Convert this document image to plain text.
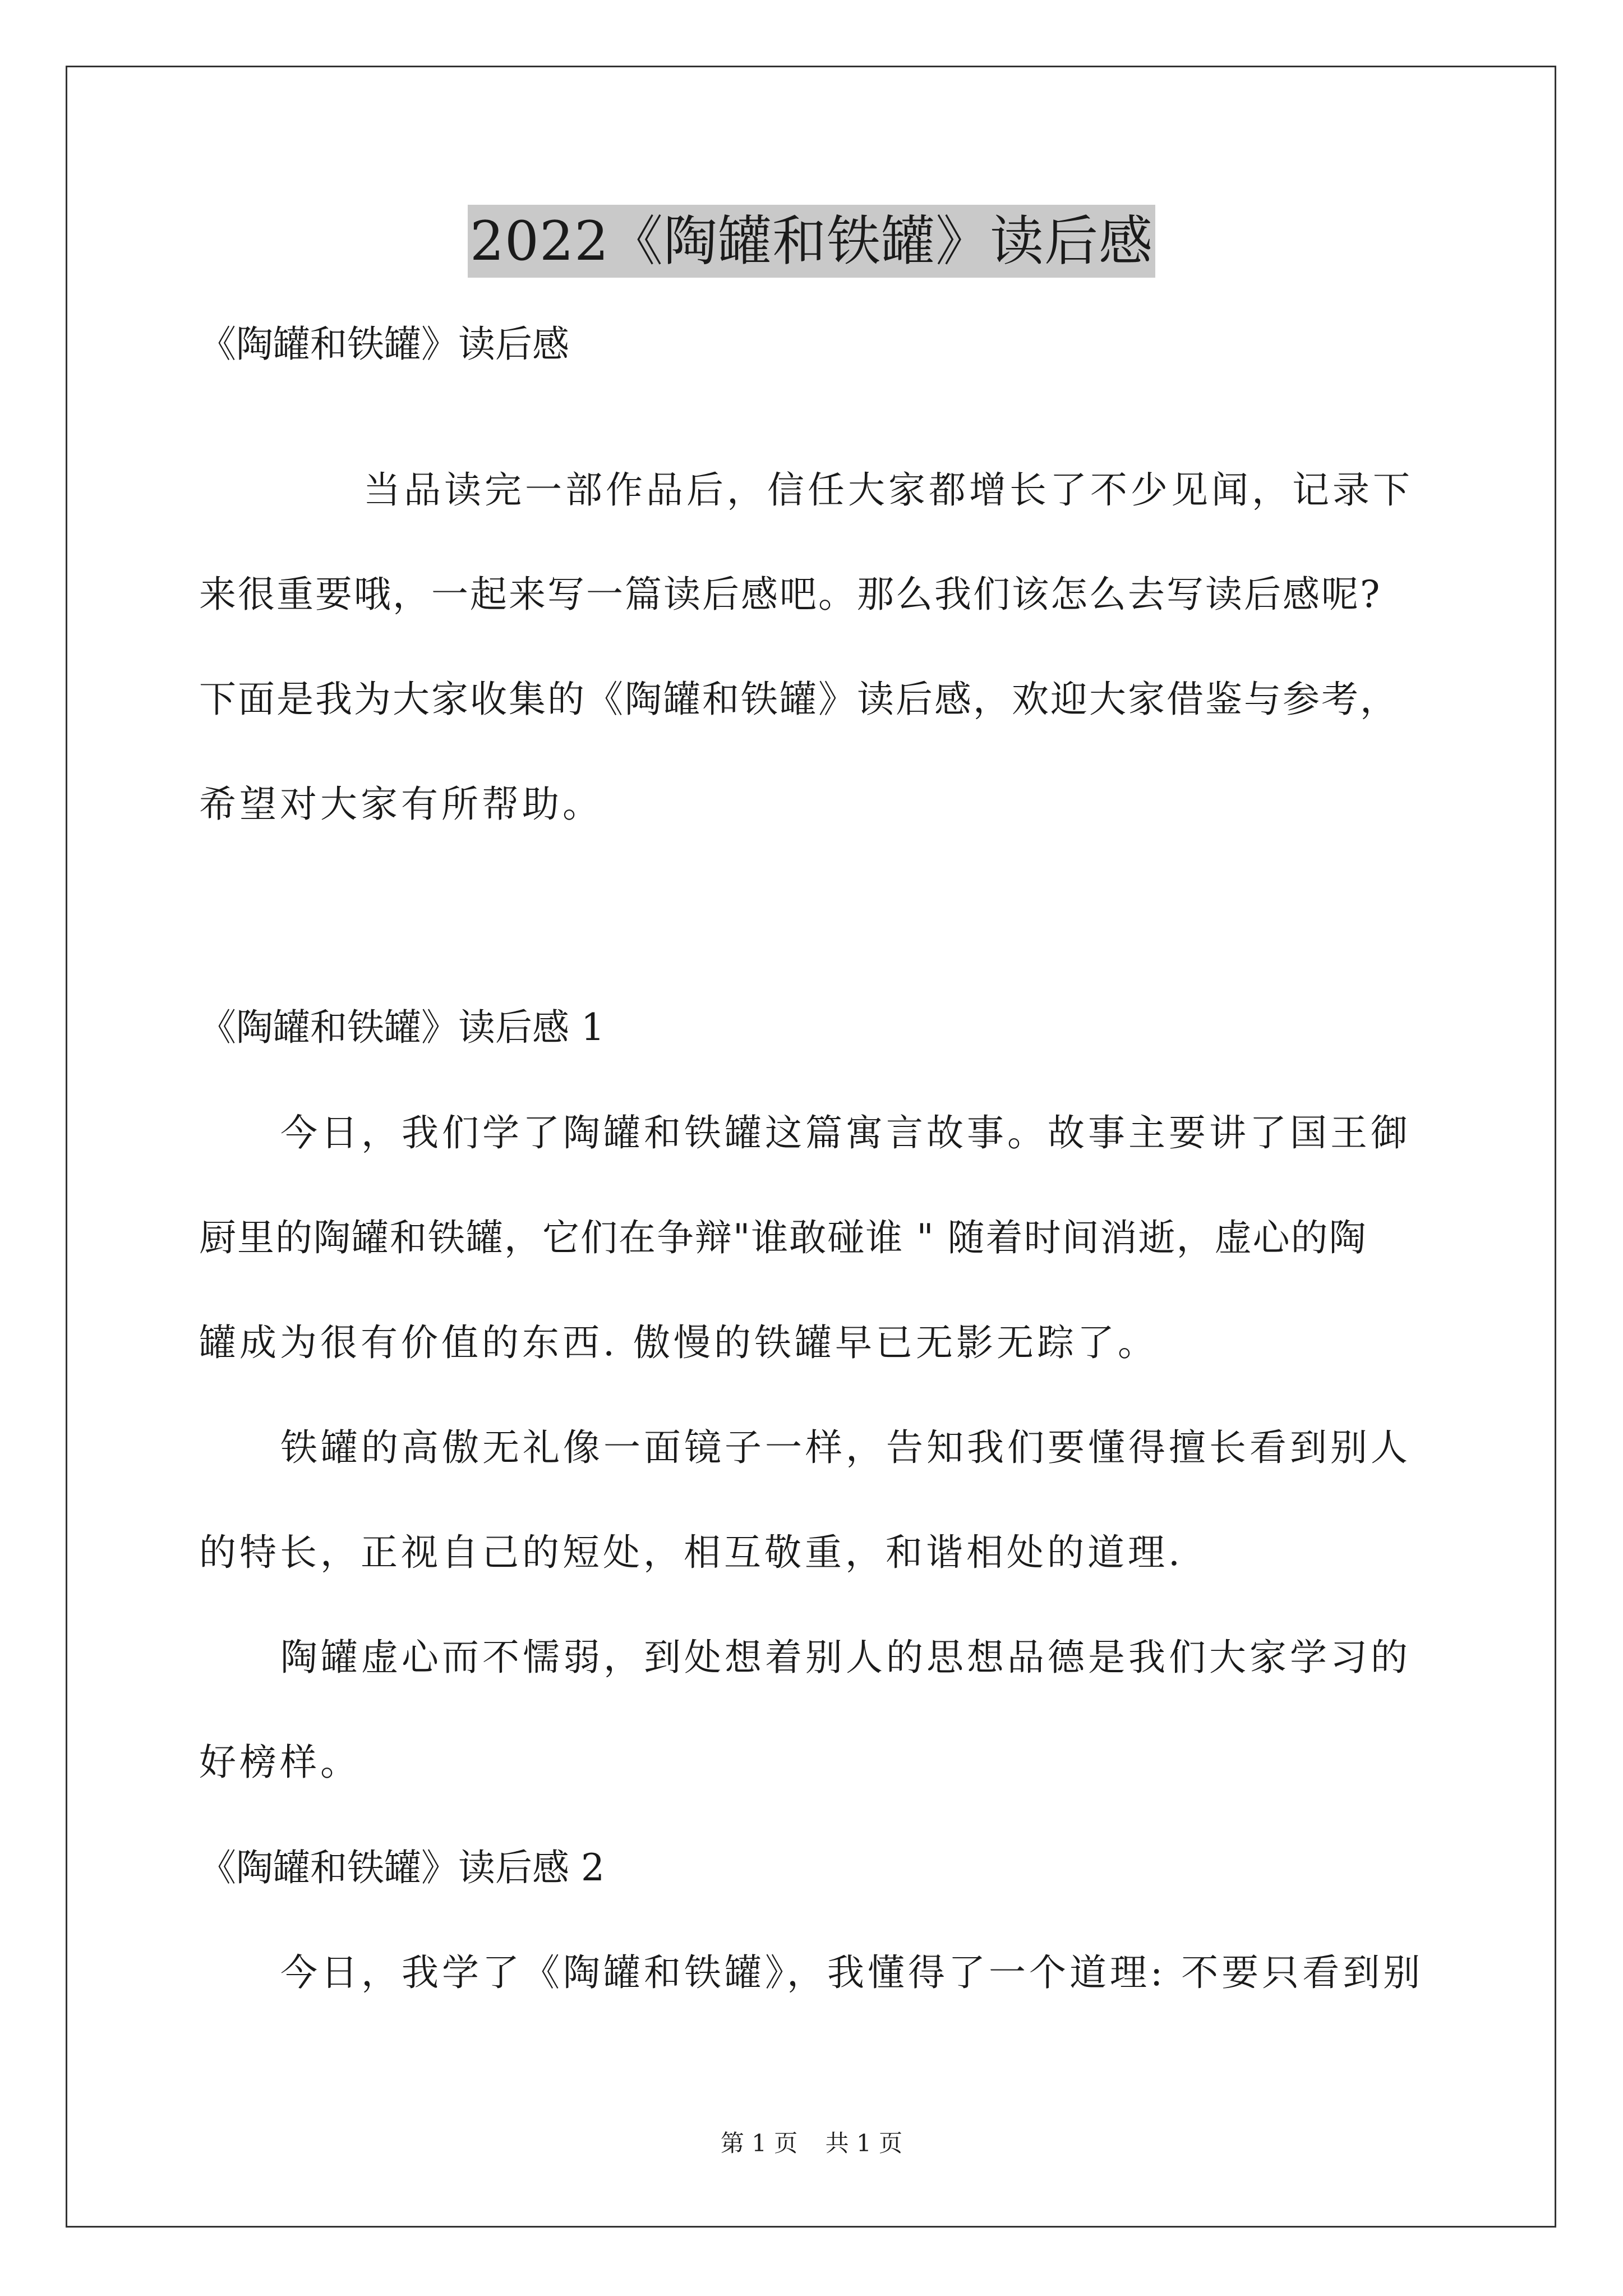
2022《陶罐和铁罐》读后感
《陶罐和铁罐》读后感
当品读完一部作品后，信任大家都增长了不少见闻，记录下
来很重要哦，一起来写一篇读后感吧。那么我们该怎么去写读后感呢?
下面是我为大家收集的《陶罐和铁罐》读后感，欢迎大家借鉴与参考，
希望对大家有所帮助。
《陶罐和铁罐》读后感 1
今日，我们学了陶罐和铁罐这篇寓言故事。故事主要讲了国王御
厨里的陶罐和铁罐，它们在争辩"谁敢碰谁 " 随着时间消逝，虚心的陶
罐成为很有价值的东西. 傲慢的铁罐早已无影无踪了。
铁罐的高傲无礼像一面镜子一样，告知我们要懂得擅长看到别人
的特长，正视自己的短处，相互敬重，和谐相处的道理.
陶罐虚心而不懦弱，到处想着别人的思想品德是我们大家学习的
好榜样。
《陶罐和铁罐》读后感 2
今日，我学了《陶罐和铁罐》，我懂得了一个道理: 不要只看到别
第 1 页 共 1 页
